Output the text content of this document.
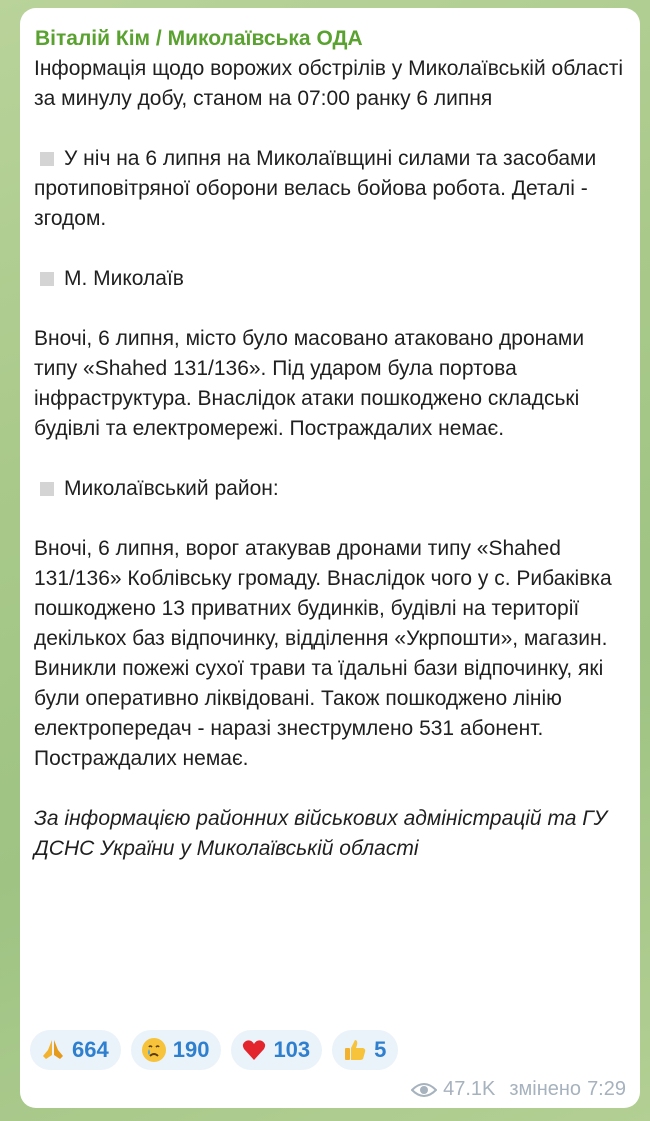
Віталій Кім / Миколаївська ОДА

Інформація щодо ворожих обстрілів у Миколаївській області за минулу добу, станом на 07:00 ранку 6 липня

У ніч на 6 липня на Миколаївщині силами та засобами протиповітряної оборони велась бойова робота. Деталі - згодом.

М. Миколаїв

Вночі, 6 липня, місто було масовано атаковано дронами типу «Shahed 131/136». Під ударом була портова інфраструктура. Внаслідок атаки пошкоджено складські будівлі та електромережі. Постраждалих немає.

Миколаївський район:

Вночі, 6 липня, ворог атакував дронами типу «Shahed 131/136» Коблівську громаду. Внаслідок чого у с. Рибаківка пошкоджено 13 приватних будинків, будівлі на території декількох баз відпочинку, відділення «Укрпошти», магазин. Виникли пожежі сухої трави та їдальні бази відпочинку, які були оперативно ліквідовані. Також пошкоджено лінію електропередач - наразі знеструмлено 531 абонент. Постраждалих немає.

За інформацією районних військових адміністрацій та ГУ ДСНС України у Миколаївській області

664	190	103	5
47.1K змінено 7:29
